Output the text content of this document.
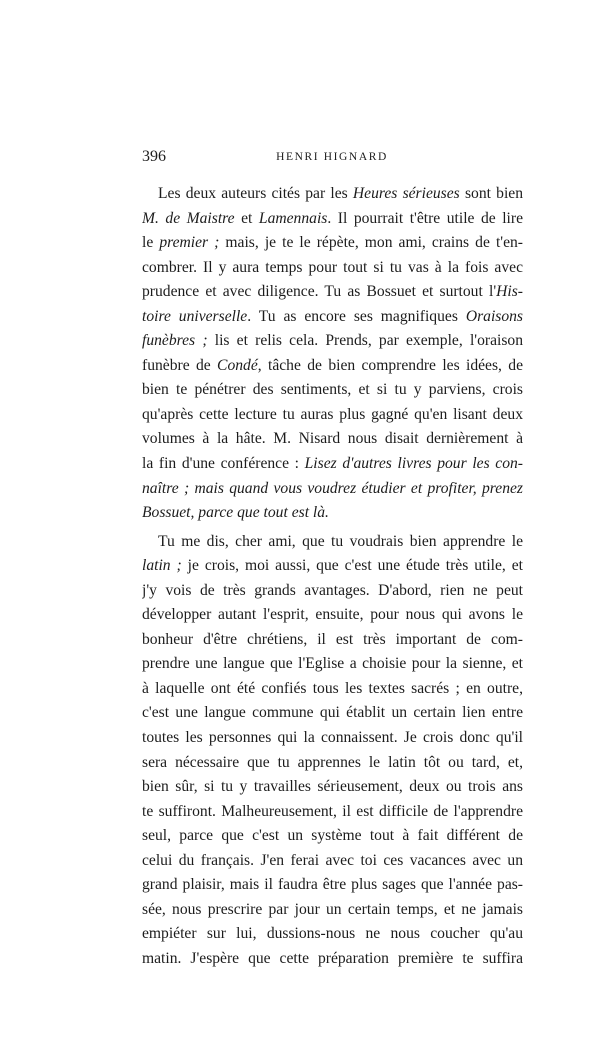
396	HENRI HIGNARD
Les deux auteurs cités par les Heures sérieuses sont bien
M. de Maistre et Lamennais. Il pourrait t'être utile de lire
le premier ; mais, je te le répète, mon ami, crains de t'en-
combrer. Il y aura temps pour tout si tu vas à la fois avec
prudence et avec diligence. Tu as Bossuet et surtout l'His-
toire universelle. Tu as encore ses magnifiques Oraisons
funèbres ; lis et relis cela. Prends, par exemple, l'oraison
funèbre de Condé, tâche de bien comprendre les idées, de
bien te pénétrer des sentiments, et si tu y parviens, crois
qu'après cette lecture tu auras plus gagné qu'en lisant deux
volumes à la hâte. M. Nisard nous disait dernièrement à
la fin d'une conférence : Lisez d'autres livres pour les con-
naître ; mais quand vous voudrez étudier et profiter, prenez
Bossuet, parce que tout est là.
Tu me dis, cher ami, que tu voudrais bien apprendre le
latin ; je crois, moi aussi, que c'est une étude très utile, et
j'y vois de très grands avantages. D'abord, rien ne peut
développer autant l'esprit, ensuite, pour nous qui avons le
bonheur d'être chrétiens, il est très important de com-
prendre une langue que l'Eglise a choisie pour la sienne, et
à laquelle ont été confiés tous les textes sacrés ; en outre,
c'est une langue commune qui établit un certain lien entre
toutes les personnes qui la connaissent. Je crois donc qu'il
sera nécessaire que tu apprennes le latin tôt ou tard, et,
bien sûr, si tu y travailles sérieusement, deux ou trois ans
te suffiront. Malheureusement, il est difficile de l'apprendre
seul, parce que c'est un système tout à fait différent de
celui du français. J'en ferai avec toi ces vacances avec un
grand plaisir, mais il faudra être plus sages que l'année pas-
sée, nous prescrire par jour un certain temps, et ne jamais
empiéter sur lui, dussions-nous ne nous coucher qu'au
matin. J'espère que cette préparation première te suffira
